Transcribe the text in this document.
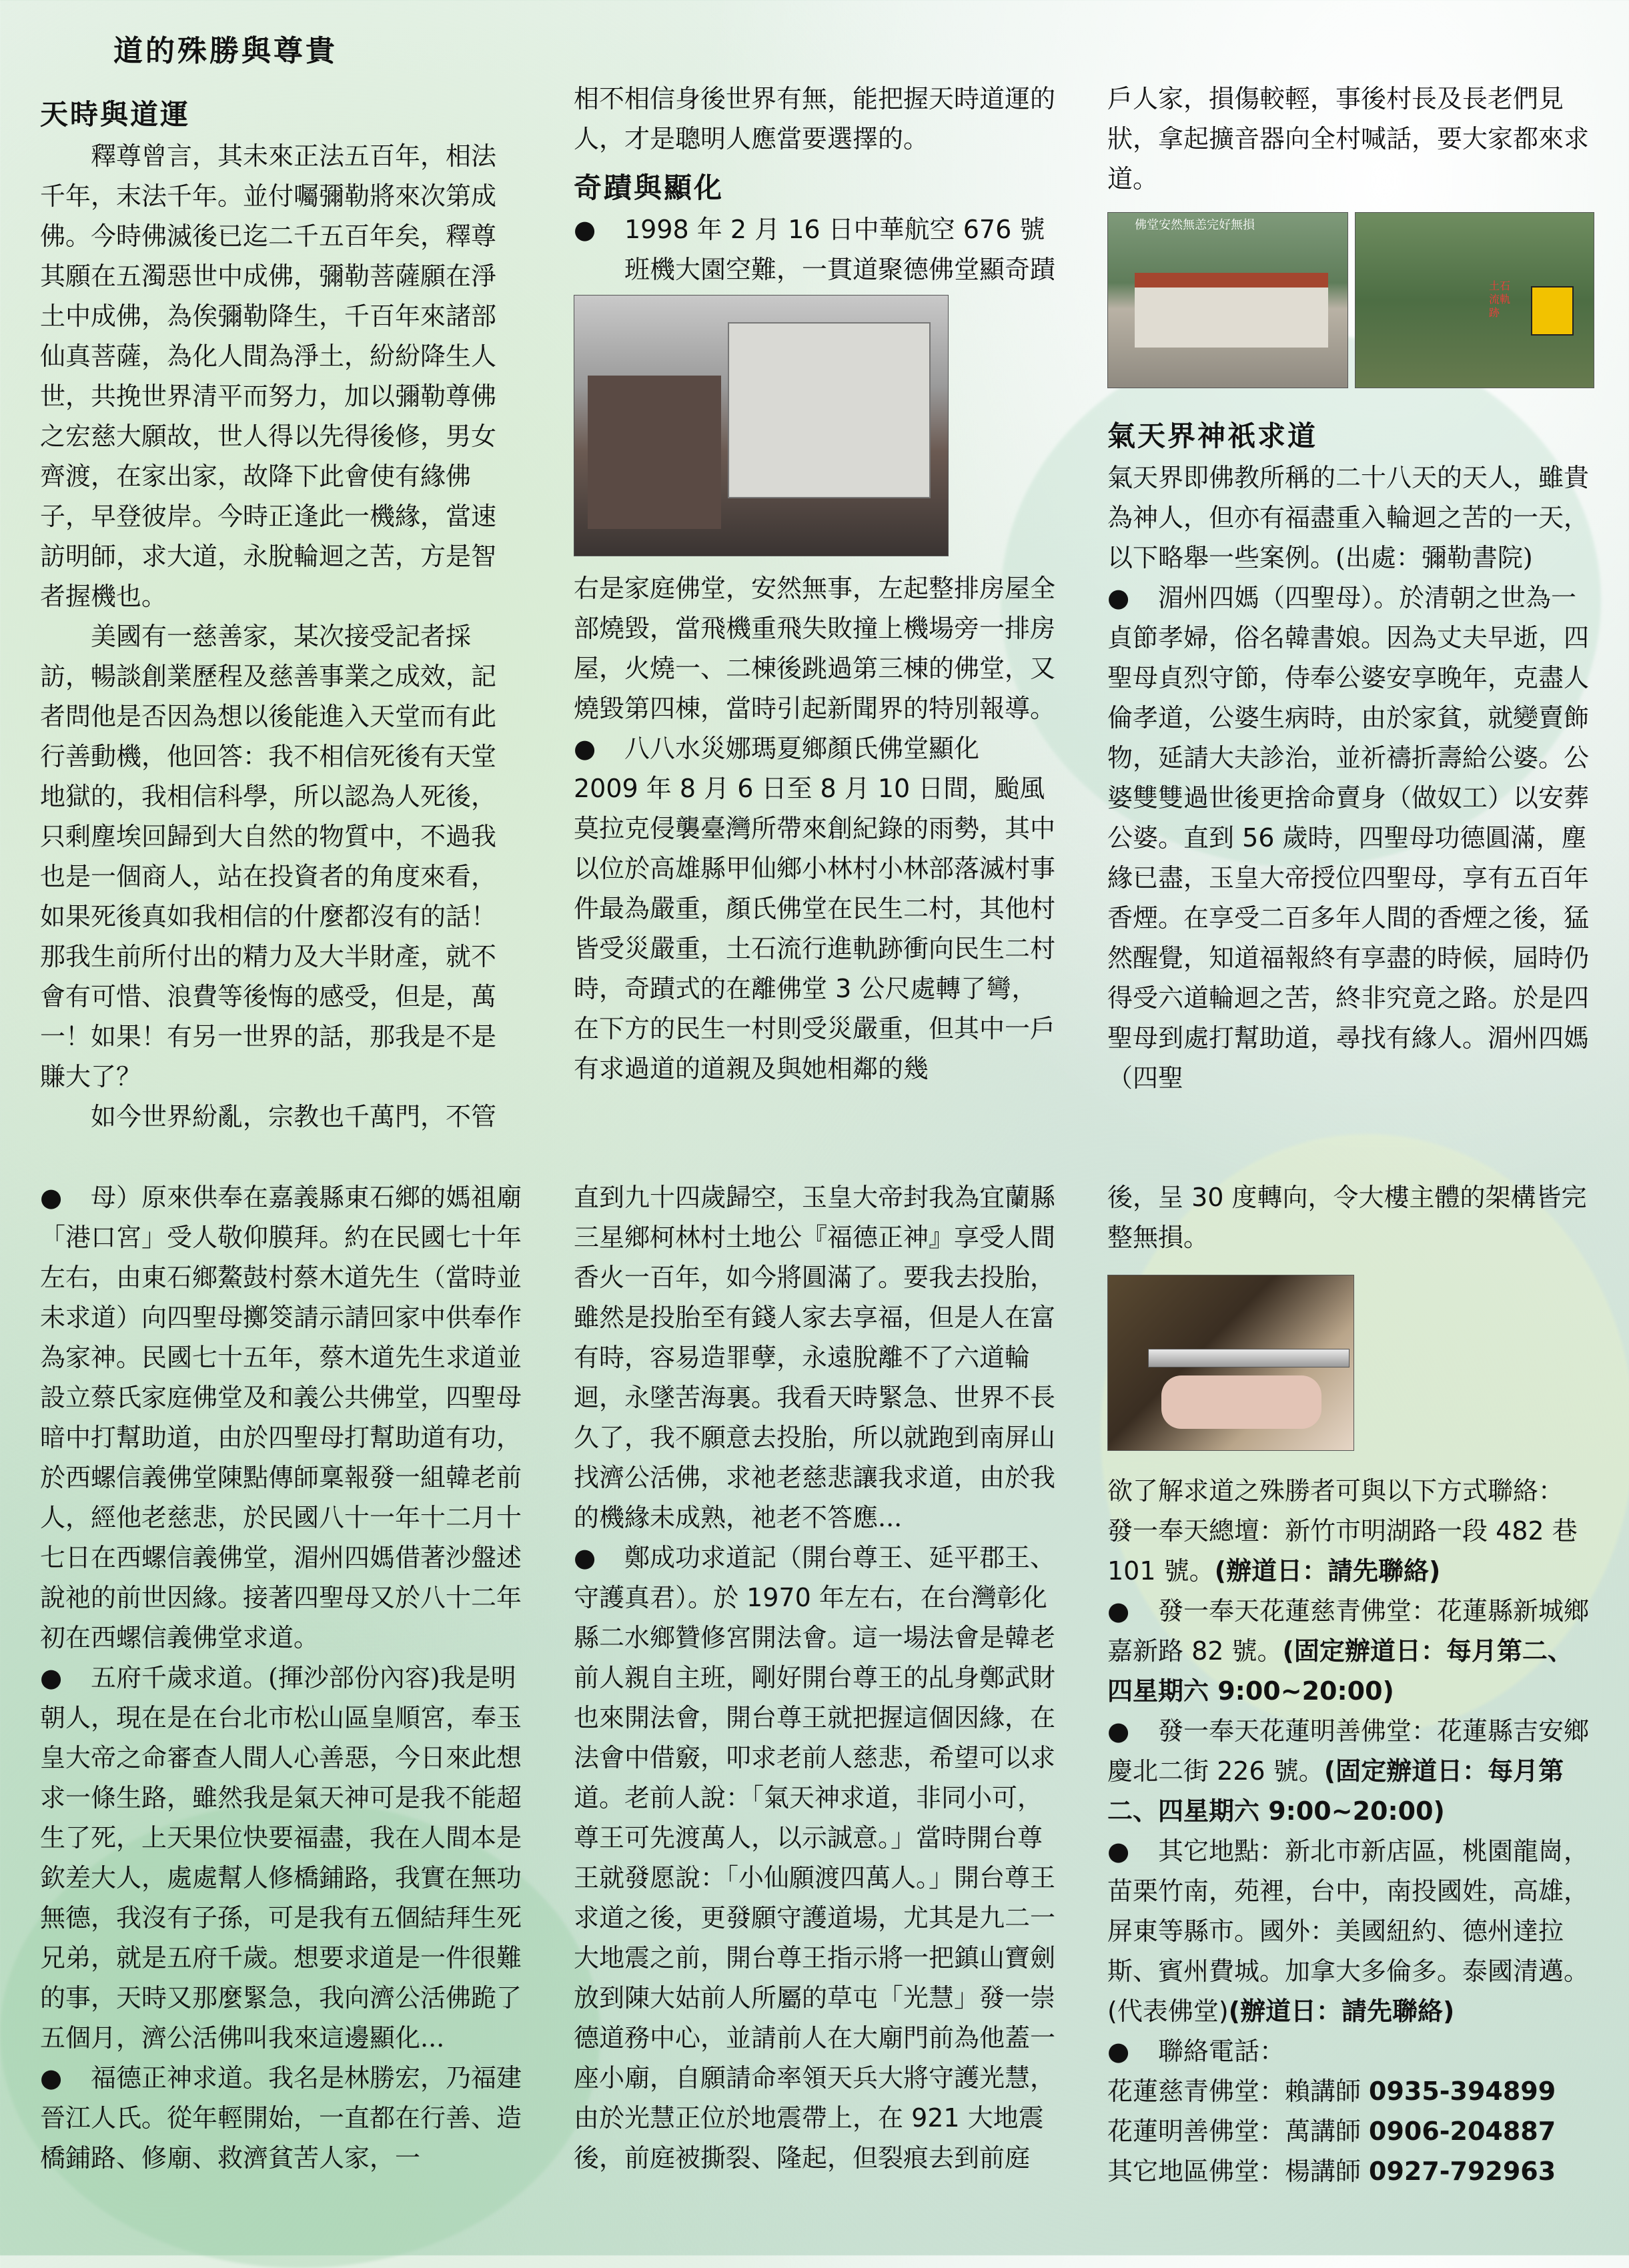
道的殊勝與尊貴

天時與道運

釋尊曾言，其未來正法五百年，相法千年，末法千年。並付囑彌勒將來次第成佛。今時佛滅後已迄二千五百年矣，釋尊其願在五濁惡世中成佛，彌勒菩薩願在淨土中成佛，為俟彌勒降生，千百年來諸部仙真菩薩，為化人間為淨土，紛紛降生人世，共挽世界清平而努力，加以彌勒尊佛之宏慈大願故，世人得以先得後修，男女齊渡，在家出家，故降下此會使有緣佛子，早登彼岸。今時正逢此一機緣，當速訪明師，求大道，永脫輪迴之苦，方是智者握機也。

美國有一慈善家，某次接受記者採訪，暢談創業歷程及慈善事業之成效，記者問他是否因為想以後能進入天堂而有此行善動機，他回答：我不相信死後有天堂地獄的，我相信科學，所以認為人死後，只剩塵埃回歸到大自然的物質中，不過我也是一個商人，站在投資者的角度來看，如果死後真如我相信的什麼都沒有的話！那我生前所付出的精力及大半財產，就不會有可惜、浪費等後悔的感受，但是，萬一！如果！有另一世界的話，那我是不是賺大了？

如今世界紛亂，宗教也千萬門，不管

相不相信身後世界有無，能把握天時道運的人，才是聰明人應當要選擇的。

奇蹟與顯化

● 1998 年 2 月 16 日中華航空 676 號班機大園空難，一貫道聚德佛堂顯奇蹟

右是家庭佛堂，安然無事，左起整排房屋全部燒毀，當飛機重飛失敗撞上機場旁一排房屋，火燒一、二棟後跳過第三棟的佛堂，又燒毀第四棟，當時引起新聞界的特別報導。

● 八八水災娜瑪夏鄉顏氏佛堂顯化

2009 年 8 月 6 日至 8 月 10 日間，颱風莫拉克侵襲臺灣所帶來創紀錄的雨勢，其中以位於高雄縣甲仙鄉小林村小林部落滅村事件最為嚴重，顏氏佛堂在民生二村，其他村皆受災嚴重，土石流行進軌跡衝向民生二村時，奇蹟式的在離佛堂 3 公尺處轉了彎，在下方的民生一村則受災嚴重，但其中一戶有求過道的道親及與她相鄰的幾

戶人家，損傷較輕，事後村長及長老們見狀，拿起擴音器向全村喊話，要大家都來求道。

佛堂安然無恙完好無損
土石流軌跡

氣天界神祇求道

氣天界即佛教所稱的二十八天的天人，雖貴為神人，但亦有福盡重入輪迴之苦的一天，以下略舉一些案例。(出處：彌勒書院)

● 湄州四媽（四聖母）。於清朝之世為一貞節孝婦，俗名韓書娘。因為丈夫早逝，四聖母貞烈守節，侍奉公婆安享晚年，克盡人倫孝道，公婆生病時，由於家貧，就變賣飾物，延請大夫診治，並祈禱折壽給公婆。公婆雙雙過世後更捨命賣身（做奴工）以安葬公婆。直到 56 歲時，四聖母功德圓滿，塵緣已盡，玉皇大帝授位四聖母，享有五百年香煙。在享受二百多年人間的香煙之後，猛然醒覺，知道福報終有享盡的時候，屆時仍得受六道輪迴之苦，終非究竟之路。於是四聖母到處打幫助道，尋找有緣人。湄州四媽（四聖

● 母）原來供奉在嘉義縣東石鄉的媽祖廟「港口宮」受人敬仰膜拜。約在民國七十年左右，由東石鄉鰲鼓村蔡木道先生（當時並未求道）向四聖母擲筊請示請回家中供奉作為家神。民國七十五年，蔡木道先生求道並設立蔡氏家庭佛堂及和義公共佛堂，四聖母暗中打幫助道，由於四聖母打幫助道有功，於西螺信義佛堂陳點傳師稟報發一組韓老前人，經他老慈悲，於民國八十一年十二月十七日在西螺信義佛堂，湄州四媽借著沙盤述說祂的前世因緣。接著四聖母又於八十二年初在西螺信義佛堂求道。

● 五府千歲求道。(揮沙部份內容)我是明朝人，現在是在台北市松山區皇順宮，奉玉皇大帝之命審查人間人心善惡，今日來此想求一條生路，雖然我是氣天神可是我不能超生了死，上天果位快要福盡，我在人間本是欽差大人，處處幫人修橋鋪路，我實在無功無德，我沒有子孫，可是我有五個結拜生死兄弟，就是五府千歲。想要求道是一件很難的事，天時又那麼緊急，我向濟公活佛跪了五個月，濟公活佛叫我來這邊顯化...

● 福德正神求道。我名是林勝宏，乃福建晉江人氏。從年輕開始，一直都在行善、造橋鋪路、修廟、救濟貧苦人家，一

直到九十四歲歸空，玉皇大帝封我為宜蘭縣三星鄉柯林村土地公『福德正神』享受人間香火一百年，如今將圓滿了。要我去投胎，雖然是投胎至有錢人家去享福，但是人在富有時，容易造罪孽，永遠脫離不了六道輪迴，永墜苦海裏。我看天時緊急、世界不長久了，我不願意去投胎，所以就跑到南屏山找濟公活佛，求祂老慈悲讓我求道，由於我的機緣未成熟，祂老不答應...

● 鄭成功求道記（開台尊王、延平郡王、守護真君）。於 1970 年左右，在台灣彰化縣二水鄉贊修宮開法會。這一場法會是韓老前人親自主班，剛好開台尊王的乩身鄭武財也來開法會，開台尊王就把握這個因緣，在法會中借竅，叩求老前人慈悲，希望可以求道。老前人說：「氣天神求道，非同小可，尊王可先渡萬人，以示誠意。」當時開台尊王就發愿說：「小仙願渡四萬人。」開台尊王求道之後，更發願守護道場，尤其是九二一大地震之前，開台尊王指示將一把鎮山寶劍放到陳大姑前人所屬的草屯「光慧」發一崇德道務中心，並請前人在大廟門前為他蓋一座小廟，自願請命率領天兵大將守護光慧，由於光慧正位於地震帶上，在 921 大地震後，前庭被撕裂、隆起，但裂痕去到前庭

後，呈 30 度轉向，令大樓主體的架構皆完整無損。

欲了解求道之殊勝者可與以下方式聯絡：

發一奉天總壇：新竹市明湖路一段 482 巷 101 號。(辦道日：請先聯絡)

● 發一奉天花蓮慈青佛堂：花蓮縣新城鄉嘉新路 82 號。(固定辦道日：每月第二、四星期六 9:00~20:00)

● 發一奉天花蓮明善佛堂：花蓮縣吉安鄉慶北二街 226 號。(固定辦道日：每月第二、四星期六 9:00~20:00)

● 其它地點：新北市新店區，桃園龍崗，苗栗竹南，苑裡，台中，南投國姓，高雄，屏東等縣市。國外：美國紐約、德州達拉斯、賓州費城。加拿大多倫多。泰國清邁。(代表佛堂)(辦道日：請先聯絡)

● 聯絡電話：

花蓮慈青佛堂：賴講師 0935-394899

花蓮明善佛堂：萬講師 0906-204887

其它地區佛堂：楊講師 0927-792963
